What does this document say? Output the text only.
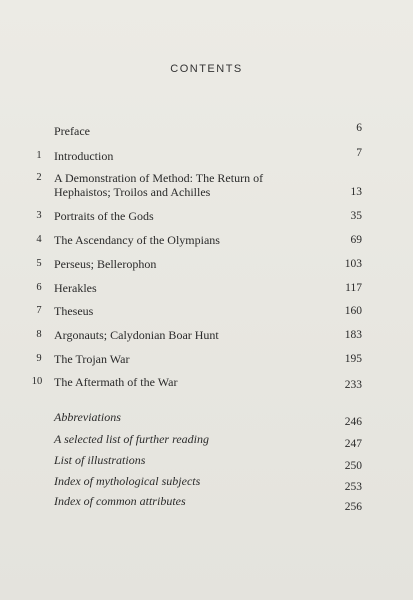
CONTENTS
Preface	6
1	Introduction	7
2	A Demonstration of Method: The Return of
Hephaistos; Troilos and Achilles	13
3	Portraits of the Gods	35
4	The Ascendancy of the Olympians	69
5	Perseus; Bellerophon	103
6	Herakles	117
7	Theseus	160
8	Argonauts; Calydonian Boar Hunt	183
9	The Trojan War	195
10 The Aftermath of the War	233
Abbreviations	246
A selected list of further reading	247
List of illustrations	250
Index of mythological subjects	253
Index of common attributes	256
